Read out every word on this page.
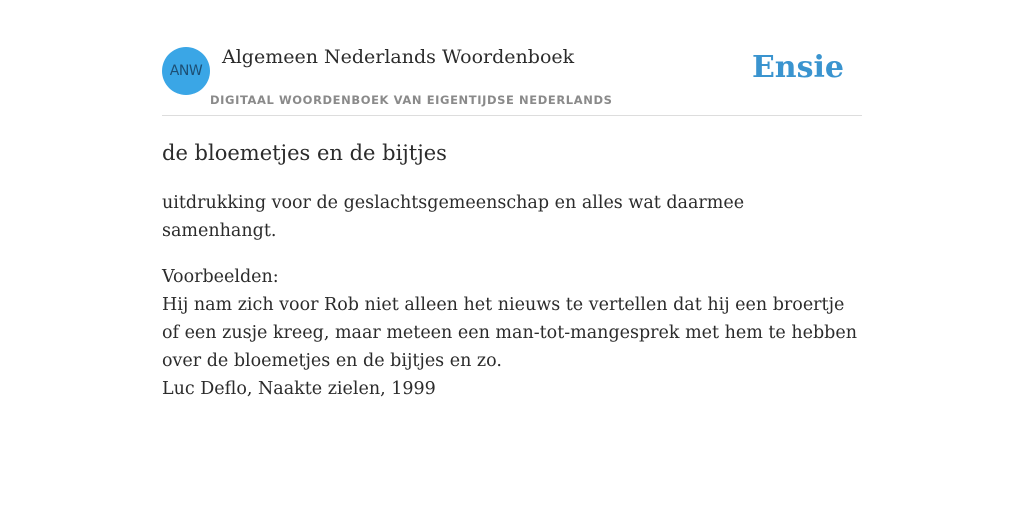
ANW
Algemeen Nederlands Woordenboek
DIGITAAL WOORDENBOEK VAN EIGENTIJDSE NEDERLANDS
Ensie
de bloemetjes en de bijtjes
uitdrukking voor de geslachtsgemeenschap en alles wat daarmee samenhangt.
Voorbeelden:
Hij nam zich voor Rob niet alleen het nieuws te vertellen dat hij een broertje of een zusje kreeg, maar meteen een man-tot-mangesprek met hem te hebben over de bloemetjes en de bijtjes en zo.
Luc Deflo, Naakte zielen, 1999
